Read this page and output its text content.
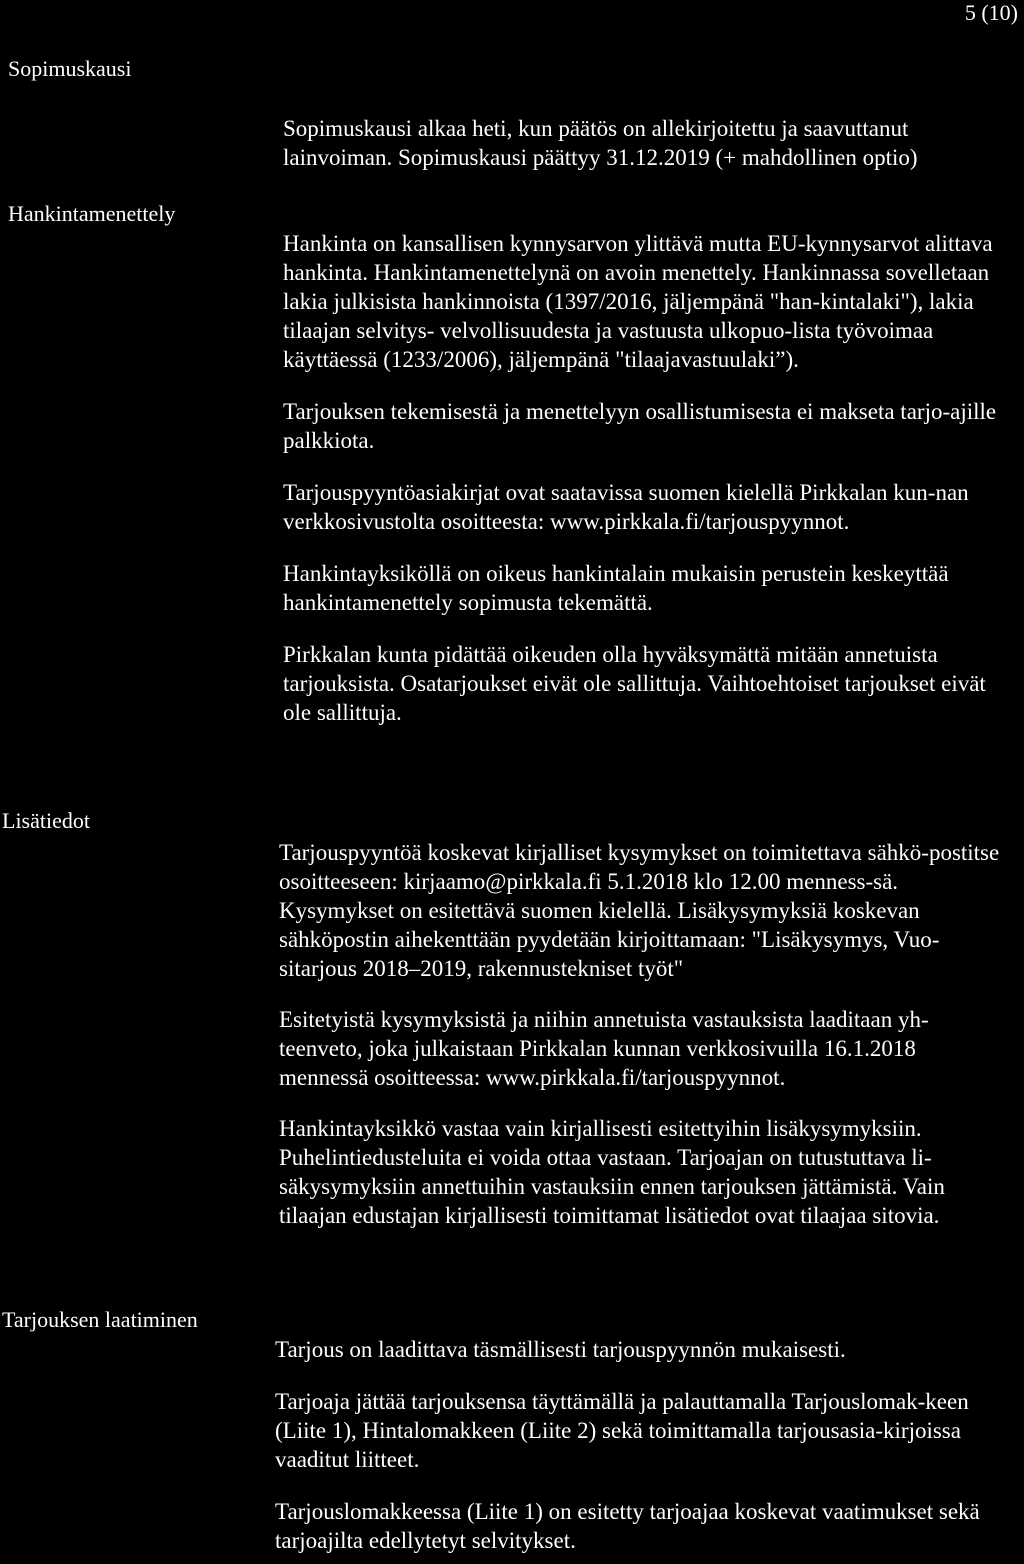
5 (10)
Sopimuskausi

Sopimuskausi alkaa heti, kun päätös on allekirjoitettu ja saavuttanut lainvoiman. Sopimuskausi päättyy 31.12.2019 (+ mahdollinen optio)

Hankintamenettely

Hankinta on kansallisen kynnysarvon ylittävä mutta EU-kynnysarvot alittava hankinta. Hankintamenettelynä on avoin menettely. Hankinnassa sovelletaan lakia julkisista hankinnoista (1397/2016, jäljempänä "han-kintalaki"), lakia tilaajan selvitys- velvollisuudesta ja vastuusta ulkopuo-lista työvoimaa käyttäessä (1233/2006), jäljempänä "tilaajavastuulaki”).

Tarjouksen tekemisestä ja menettelyyn osallistumisesta ei makseta tarjo-ajille palkkiota.

Tarjouspyyntöasiakirjat ovat saatavissa suomen kielellä Pirkkalan kun-nan verkkosivustolta osoitteesta: www.pirkkala.fi/tarjouspyynnot.

Hankintayksiköllä on oikeus hankintalain mukaisin perustein keskeyttää hankintamenettely sopimusta tekemättä.

Pirkkalan kunta pidättää oikeuden olla hyväksymättä mitään annetuista tarjouksista. Osatarjoukset eivät ole sallittuja. Vaihtoehtoiset tarjoukset eivät ole sallittuja.

Lisätiedot

Tarjouspyyntöä koskevat kirjalliset kysymykset on toimitettava sähkö-postitse osoitteeseen: kirjaamo@pirkkala.fi 5.1.2018 klo 12.00 menness-sä. Kysymykset on esitettävä suomen kielellä. Lisäkysymyksiä koskevan sähköpostin aihekenttään pyydetään kirjoittamaan: "Lisäkysymys, Vuo-sitarjous 2018–2019, rakennustekniset työt"

Esitetyistä kysymyksistä ja niihin annetuista vastauksista laaditaan yh-teenveto, joka julkaistaan Pirkkalan kunnan verkkosivuilla 16.1.2018 mennessä osoitteessa: www.pirkkala.fi/tarjouspyynnot.

Hankintayksikkö vastaa vain kirjallisesti esitettyihin lisäkysymyksiin. Puhelintiedusteluita ei voida ottaa vastaan. Tarjoajan on tutustuttava li-säkysymyksiin annettuihin vastauksiin ennen tarjouksen jättämistä. Vain tilaajan edustajan kirjallisesti toimittamat lisätiedot ovat tilaajaa sitovia.

Tarjouksen laatiminen

Tarjous on laadittava täsmällisesti tarjouspyynnön mukaisesti.

Tarjoaja jättää tarjouksensa täyttämällä ja palauttamalla Tarjouslomak-keen (Liite 1), Hintalomakkeen (Liite 2) sekä toimittamalla tarjousasia-kirjoissa vaaditut liitteet.

Tarjouslomakkeessa (Liite 1) on esitetty tarjoajaa koskevat vaatimukset sekä tarjoajilta edellytetyt selvitykset.
